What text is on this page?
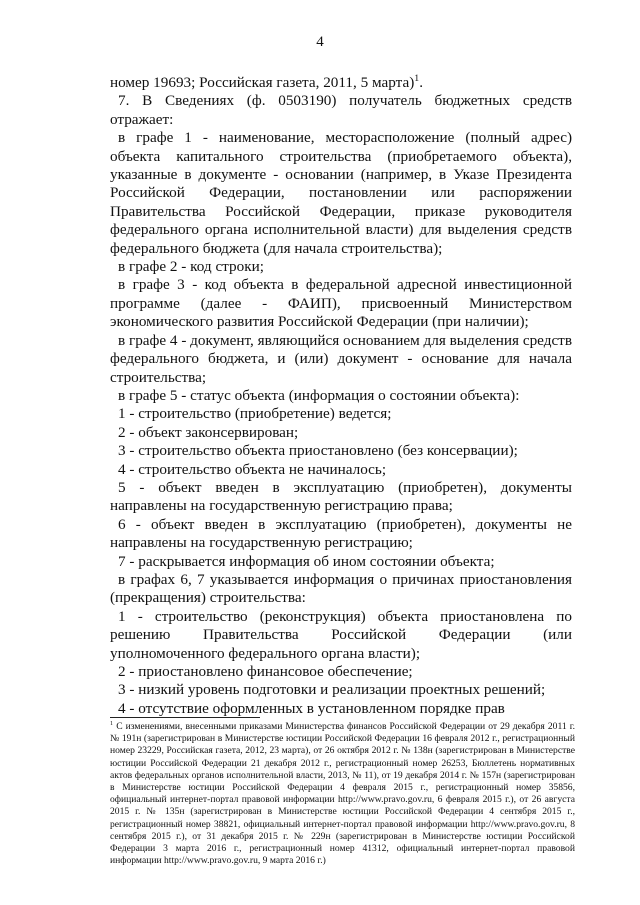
4

номер 19693; Российская газета, 2011, 5 марта)$^1$.

7. В Сведениях (ф. 0503190) получатель бюджетных средств отражает:

в графе 1 - наименование, месторасположение (полный адрес) объекта капитального строительства (приобретаемого объекта), указанные в документе - основании (например, в Указе Президента Российской Федерации, постановлении или распоряжении Правительства Российской Федерации, приказе руководителя федерального органа исполнительной власти) для выделения средств федерального бюджета (для начала строительства);

в графе 2 - код строки;

в графе 3 - код объекта в федеральной адресной инвестиционной программе (далее - ФАИП), присвоенный Министерством экономического развития Российской Федерации (при наличии);

в графе 4 - документ, являющийся основанием для выделения средств федерального бюджета, и (или) документ - основание для начала строительства;

в графе 5 - статус объекта (информация о состоянии объекта):

1 - строительство (приобретение) ведется;

2 - объект законсервирован;

3 - строительство объекта приостановлено (без консервации);

4 - строительство объекта не начиналось;

5 - объект введен в эксплуатацию (приобретен), документы направлены на государственную регистрацию права;

6 - объект введен в эксплуатацию (приобретен), документы не направлены на государственную регистрацию;

7 - раскрывается информация об ином состоянии объекта;

в графах 6, 7 указывается информация о причинах приостановления (прекращения) строительства:

1 - строительство (реконструкция) объекта приостановлена по решению Правительства Российской Федерации (или уполномоченного федерального органа власти);

2 - приостановлено финансовое обеспечение;

3 - низкий уровень подготовки и реализации проектных решений;

4 - отсутствие оформленных в установленном порядке прав

$^1$ С изменениями, внесенными приказами Министерства финансов Российской Федерации от 29 декабря 2011 г. № 191н (зарегистрирован в Министерстве юстиции Российской Федерации 16 февраля 2012 г., регистрационный номер 23229, Российская газета, 2012, 23 марта), от 26 октября 2012 г. № 138н (зарегистрирован в Министерстве юстиции Российской Федерации 21 декабря 2012 г., регистрационный номер 26253, Бюллетень нормативных актов федеральных органов исполнительной власти, 2013, № 11), от 19 декабря 2014 г. № 157н (зарегистрирован в Министерстве юстиции Российской Федерации 4 февраля 2015 г., регистрационный номер 35856, официальный интернет-портал правовой информации http://www.pravo.gov.ru, 6 февраля 2015 г.), от 26 августа 2015 г. № 135н (зарегистрирован в Министерстве юстиции Российской Федерации 4 сентября 2015 г., регистрационный номер 38821, официальный интернет-портал правовой информации http://www.pravo.gov.ru, 8 сентября 2015 г.), от 31 декабря 2015 г. № 229н (зарегистрирован в Министерстве юстиции Российской Федерации 3 марта 2016 г., регистрационный номер 41312, официальный интернет-портал правовой информации http://www.pravo.gov.ru, 9 марта 2016 г.)
